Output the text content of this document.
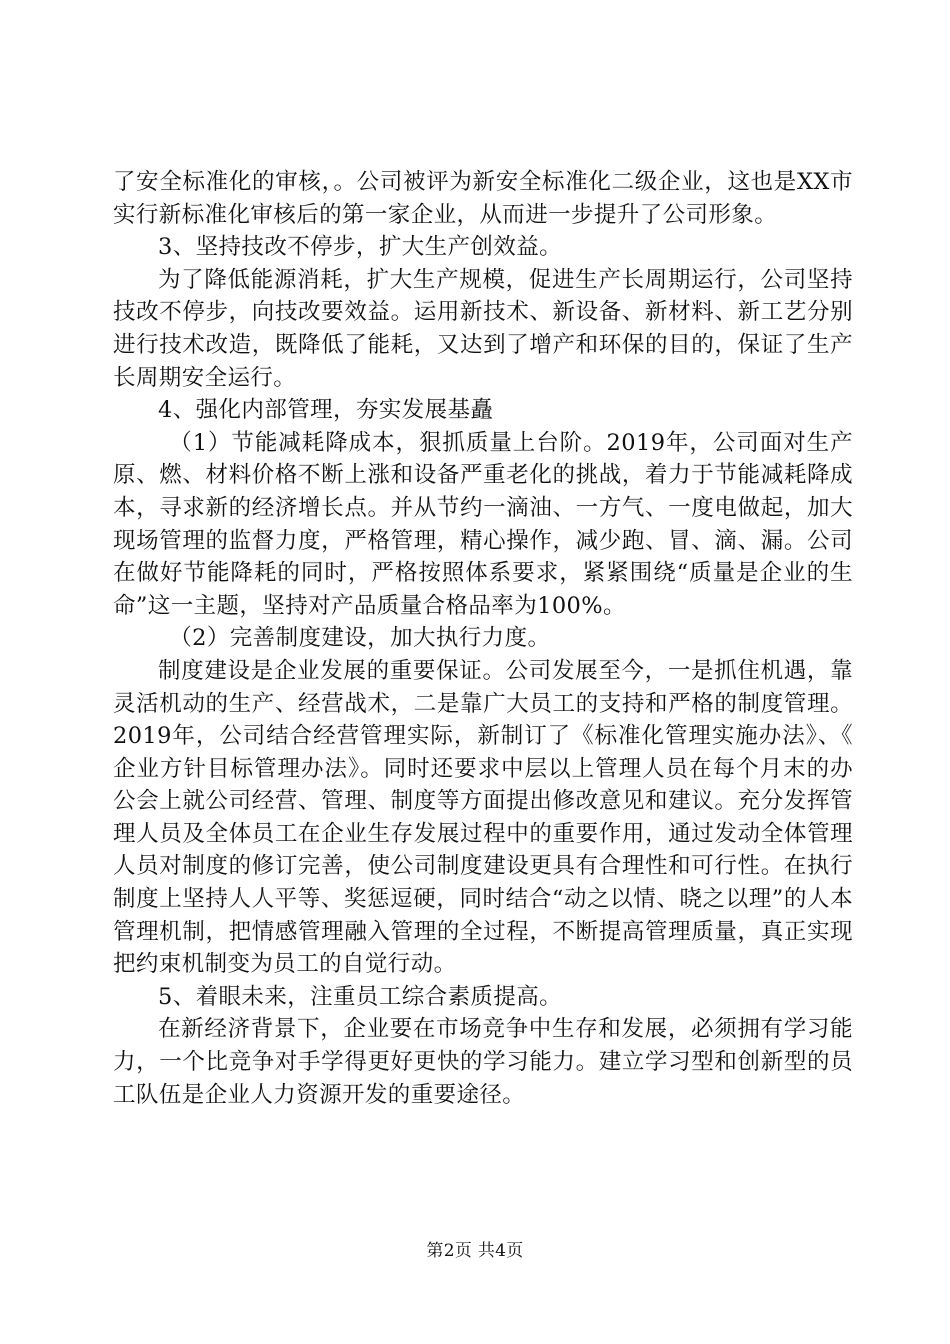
了安全标准化的审核，。公司被评为新安全标准化二级企业，这也是XX市实行新标准化审核后的第一家企业，从而进一步提升了公司形象。

3、坚持技改不停步，扩大生产创效益。

为了降低能源消耗，扩大生产规模，促进生产长周期运行，公司坚持技改不停步，向技改要效益。运用新技术、新设备、新材料、新工艺分别进行技术改造，既降低了能耗，又达到了增产和环保的目的，保证了生产长周期安全运行。

4、强化内部管理，夯实发展基矗

（1）节能减耗降成本，狠抓质量上台阶。2019年，公司面对生产原、燃、材料价格不断上涨和设备严重老化的挑战，着力于节能减耗降成本，寻求新的经济增长点。并从节约一滴油、一方气、一度电做起，加大现场管理的监督力度，严格管理，精心操作，减少跑、冒、滴、漏。公司在做好节能降耗的同时，严格按照体系要求，紧紧围绕“质量是企业的生命”这一主题，坚持对产品质量合格品率为100%。

（2）完善制度建设，加大执行力度。

制度建设是企业发展的重要保证。公司发展至今，一是抓住机遇，靠灵活机动的生产、经营战术，二是靠广大员工的支持和严格的制度管理。2019年，公司结合经营管理实际，新制订了《标准化管理实施办法》、《企业方针目标管理办法》。同时还要求中层以上管理人员在每个月末的办公会上就公司经营、管理、制度等方面提出修改意见和建议。充分发挥管理人员及全体员工在企业生存发展过程中的重要作用，通过发动全体管理人员对制度的修订完善，使公司制度建设更具有合理性和可行性。在执行制度上坚持人人平等、奖惩逗硬，同时结合“动之以情、晓之以理”的人本管理机制，把情感管理融入管理的全过程，不断提高管理质量，真正实现把约束机制变为员工的自觉行动。

5、着眼未来，注重员工综合素质提高。

在新经济背景下，企业要在市场竞争中生存和发展，必须拥有学习能力，一个比竞争对手学得更好更快的学习能力。建立学习型和创新型的员工队伍是企业人力资源开发的重要途径。

第2页 共4页
